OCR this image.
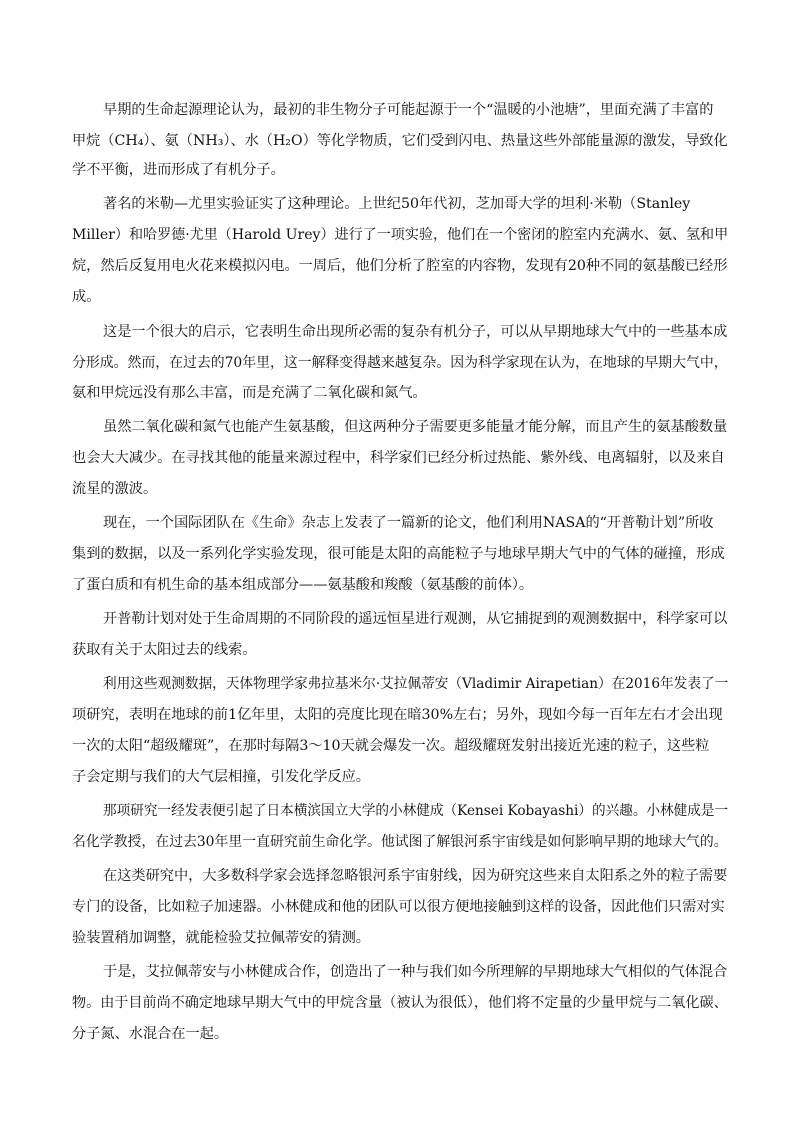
早期的生命起源理论认为，最初的非生物分子可能起源于一个“温暖的小池塘”，里面充满了丰富的
甲烷（CH₄）、氨（NH₃）、水（H₂O）等化学物质，它们受到闪电、热量这些外部能量源的激发，导致化
学不平衡，进而形成了有机分子。
著名的米勒—尤里实验证实了这种理论。上世纪50年代初，芝加哥大学的坦利·米勒（Stanley
Miller）和哈罗德·尤里（Harold Urey）进行了一项实验，他们在一个密闭的腔室内充满水、氨、氢和甲
烷，然后反复用电火花来模拟闪电。一周后，他们分析了腔室的内容物，发现有20种不同的氨基酸已经形
成。
这是一个很大的启示，它表明生命出现所必需的复杂有机分子，可以从早期地球大气中的一些基本成
分形成。然而，在过去的70年里，这一解释变得越来越复杂。因为科学家现在认为，在地球的早期大气中，
氨和甲烷远没有那么丰富，而是充满了二氧化碳和氮气。
虽然二氧化碳和氮气也能产生氨基酸，但这两种分子需要更多能量才能分解，而且产生的氨基酸数量
也会大大减少。在寻找其他的能量来源过程中，科学家们已经分析过热能、紫外线、电离辐射，以及来自
流星的激波。
现在，一个国际团队在《生命》杂志上发表了一篇新的论文，他们利用NASA的“开普勒计划”所收
集到的数据，以及一系列化学实验发现，很可能是太阳的高能粒子与地球早期大气中的气体的碰撞，形成
了蛋白质和有机生命的基本组成部分——氨基酸和羧酸（氨基酸的前体）。
开普勒计划对处于生命周期的不同阶段的遥远恒星进行观测，从它捕捉到的观测数据中，科学家可以
获取有关于太阳过去的线索。
利用这些观测数据，天体物理学家弗拉基米尔·艾拉佩蒂安（Vladimir Airapetian）在2016年发表了一
项研究，表明在地球的前1亿年里，太阳的亮度比现在暗30%左右；另外，现如今每一百年左右才会出现
一次的太阳“超级耀斑”，在那时每隔3～10天就会爆发一次。超级耀斑发射出接近光速的粒子，这些粒
子会定期与我们的大气层相撞，引发化学反应。
那项研究一经发表便引起了日本横滨国立大学的小林健成（Kensei Kobayashi）的兴趣。小林健成是一
名化学教授，在过去30年里一直研究前生命化学。他试图了解银河系宇宙线是如何影响早期的地球大气的。
在这类研究中，大多数科学家会选择忽略银河系宇宙射线，因为研究这些来自太阳系之外的粒子需要
专门的设备，比如粒子加速器。小林健成和他的团队可以很方便地接触到这样的设备，因此他们只需对实
验装置稍加调整，就能检验艾拉佩蒂安的猜测。
于是，艾拉佩蒂安与小林健成合作，创造出了一种与我们如今所理解的早期地球大气相似的气体混合
物。由于目前尚不确定地球早期大气中的甲烷含量（被认为很低），他们将不定量的少量甲烷与二氧化碳、
分子氮、水混合在一起。
